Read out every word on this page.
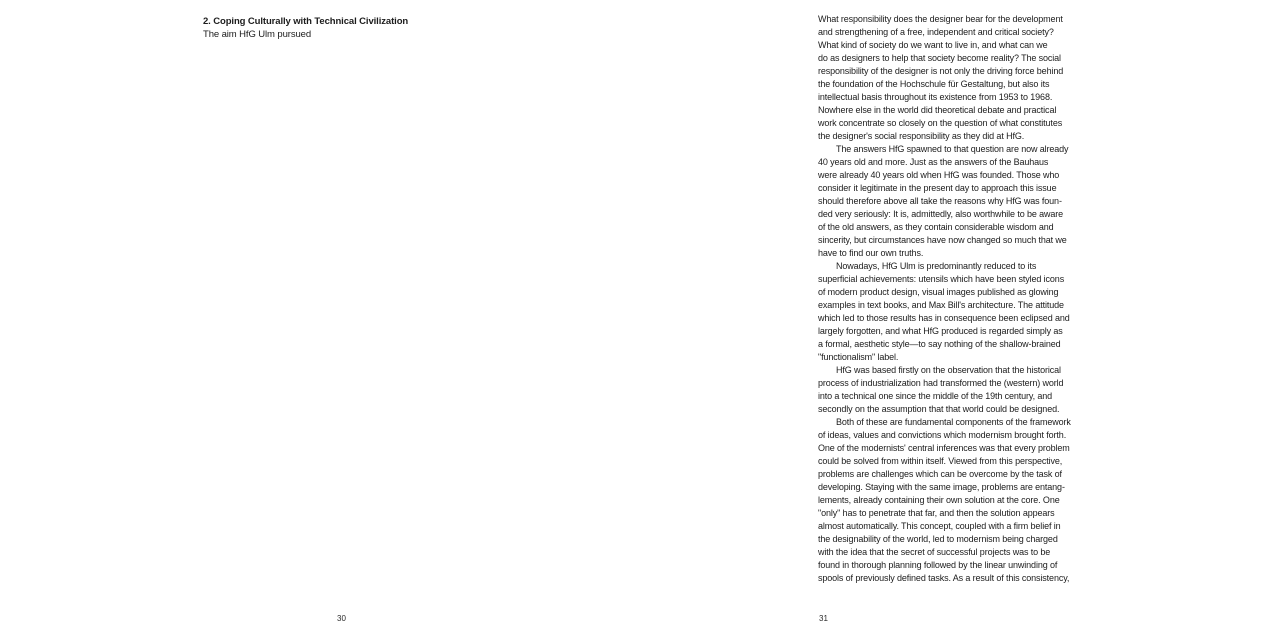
2. Coping Culturally with Technical Civilization
The aim HfG Ulm pursued
30
What responsibility does the designer bear for the development
and strengthening of a free, independent and critical society?
What kind of society do we want to live in, and what can we
do as designers to help that society become reality? The social
responsibility of the designer is not only the driving force behind
the foundation of the Hochschule für Gestaltung, but also its
intellectual basis throughout its existence from 1953 to 1968.
Nowhere else in the world did theoretical debate and practical
work concentrate so closely on the question of what constitutes
the designer's social responsibility as they did at HfG.
The answers HfG spawned to that question are now already
40 years old and more. Just as the answers of the Bauhaus
were already 40 years old when HfG was founded. Those who
consider it legitimate in the present day to approach this issue
should therefore above all take the reasons why HfG was foun-
ded very seriously: It is, admittedly, also worthwhile to be aware
of the old answers, as they contain considerable wisdom and
sincerity, but circumstances have now changed so much that we
have to find our own truths.
Nowadays, HfG Ulm is predominantly reduced to its
superficial achievements: utensils which have been styled icons
of modern product design, visual images published as glowing
examples in text books, and Max Bill's architecture. The attitude
which led to those results has in consequence been eclipsed and
largely forgotten, and what HfG produced is regarded simply as
a formal, aesthetic style—to say nothing of the shallow-brained
"functionalism" label.
HfG was based firstly on the observation that the historical
process of industrialization had transformed the (western) world
into a technical one since the middle of the 19th century, and
secondly on the assumption that that world could be designed.
Both of these are fundamental components of the framework
of ideas, values and convictions which modernism brought forth.
One of the modernists' central inferences was that every problem
could be solved from within itself. Viewed from this perspective,
problems are challenges which can be overcome by the task of
developing. Staying with the same image, problems are entang-
lements, already containing their own solution at the core. One
"only" has to penetrate that far, and then the solution appears
almost automatically. This concept, coupled with a firm belief in
the designability of the world, led to modernism being charged
with the idea that the secret of successful projects was to be
found in thorough planning followed by the linear unwinding of
spools of previously defined tasks. As a result of this consistency,
31
